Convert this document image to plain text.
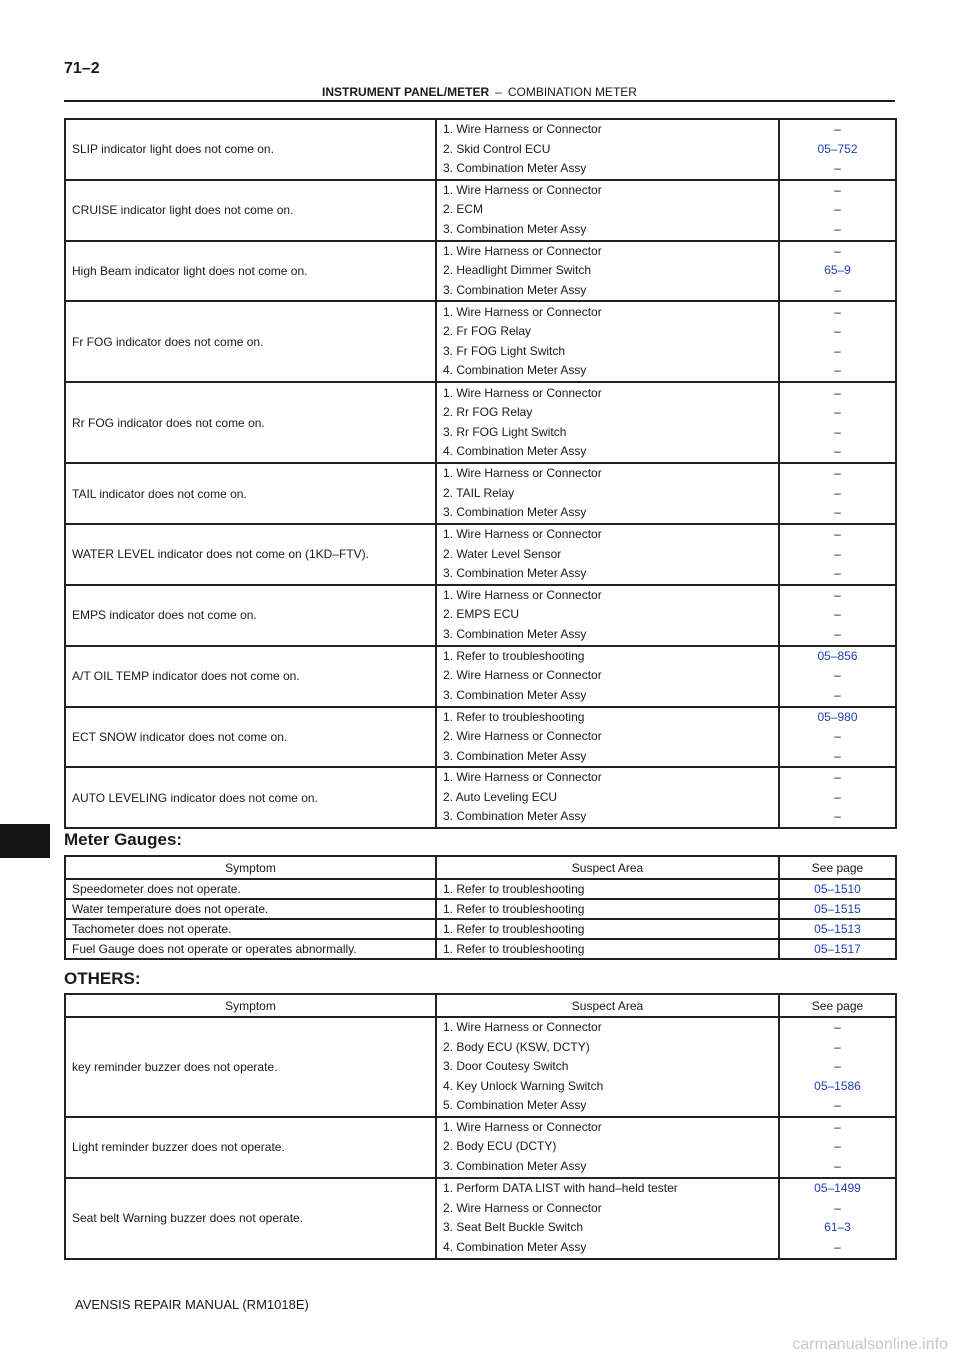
71–2
INSTRUMENT PANEL/METER – COMBINATION METER
SLIP indicator light does not come on.	1. Wire Harness or Connector
2. Skid Control ECU
3. Combination Meter Assy	–
05–752
–

CRUISE indicator light does not come on.	1. Wire Harness or Connector
2. ECM
3. Combination Meter Assy	–
–
–

High Beam indicator light does not come on.	1. Wire Harness or Connector
2. Headlight Dimmer Switch
3. Combination Meter Assy	–
65–9
–

Fr FOG indicator does not come on.	1. Wire Harness or Connector
2. Fr FOG Relay
3. Fr FOG Light Switch
4. Combination Meter Assy	–
–
–
–

Rr FOG indicator does not come on.	1. Wire Harness or Connector
2. Rr FOG Relay
3. Rr FOG Light Switch
4. Combination Meter Assy	–
–
–
–

TAIL indicator does not come on.	1. Wire Harness or Connector
2. TAIL Relay
3. Combination Meter Assy	–
–
–

WATER LEVEL indicator does not come on (1KD–FTV).	1. Wire Harness or Connector
2. Water Level Sensor
3. Combination Meter Assy	–
–
–

EMPS indicator does not come on.	1. Wire Harness or Connector
2. EMPS ECU
3. Combination Meter Assy	–
–
–

A/T OIL TEMP indicator does not come on.	1. Refer to troubleshooting
2. Wire Harness or Connector
3. Combination Meter Assy	05–856
–
–

ECT SNOW indicator does not come on.	1. Refer to troubleshooting
2. Wire Harness or Connector
3. Combination Meter Assy	05–980
–
–

AUTO LEVELING indicator does not come on.	1. Wire Harness or Connector
2. Auto Leveling ECU
3. Combination Meter Assy	–
–
–
Meter Gauges:
Symptom	Suspect Area	See page
Speedometer does not operate.	1. Refer to troubleshooting	05–1510

Water temperature does not operate.	1. Refer to troubleshooting	05–1515

Tachometer does not operate.	1. Refer to troubleshooting	05–1513

Fuel Gauge does not operate or operates abnormally.	1. Refer to troubleshooting	05–1517
OTHERS:
Symptom	Suspect Area	See page
key reminder buzzer does not operate.	1. Wire Harness or Connector
2. Body ECU (KSW, DCTY)
3. Door Coutesy Switch
4. Key Unlock Warning Switch
5. Combination Meter Assy	–
–
–
05–1586
–

Light reminder buzzer does not operate.	1. Wire Harness or Connector
2. Body ECU (DCTY)
3. Combination Meter Assy	–
–
–

Seat belt Warning buzzer does not operate.	1. Perform DATA LIST with hand–held tester
2. Wire Harness or Connector
3. Seat Belt Buckle Switch
4. Combination Meter Assy	05–1499
–
61–3
–
AVENSIS REPAIR MANUAL (RM1018E)
carmanualsonline.info
